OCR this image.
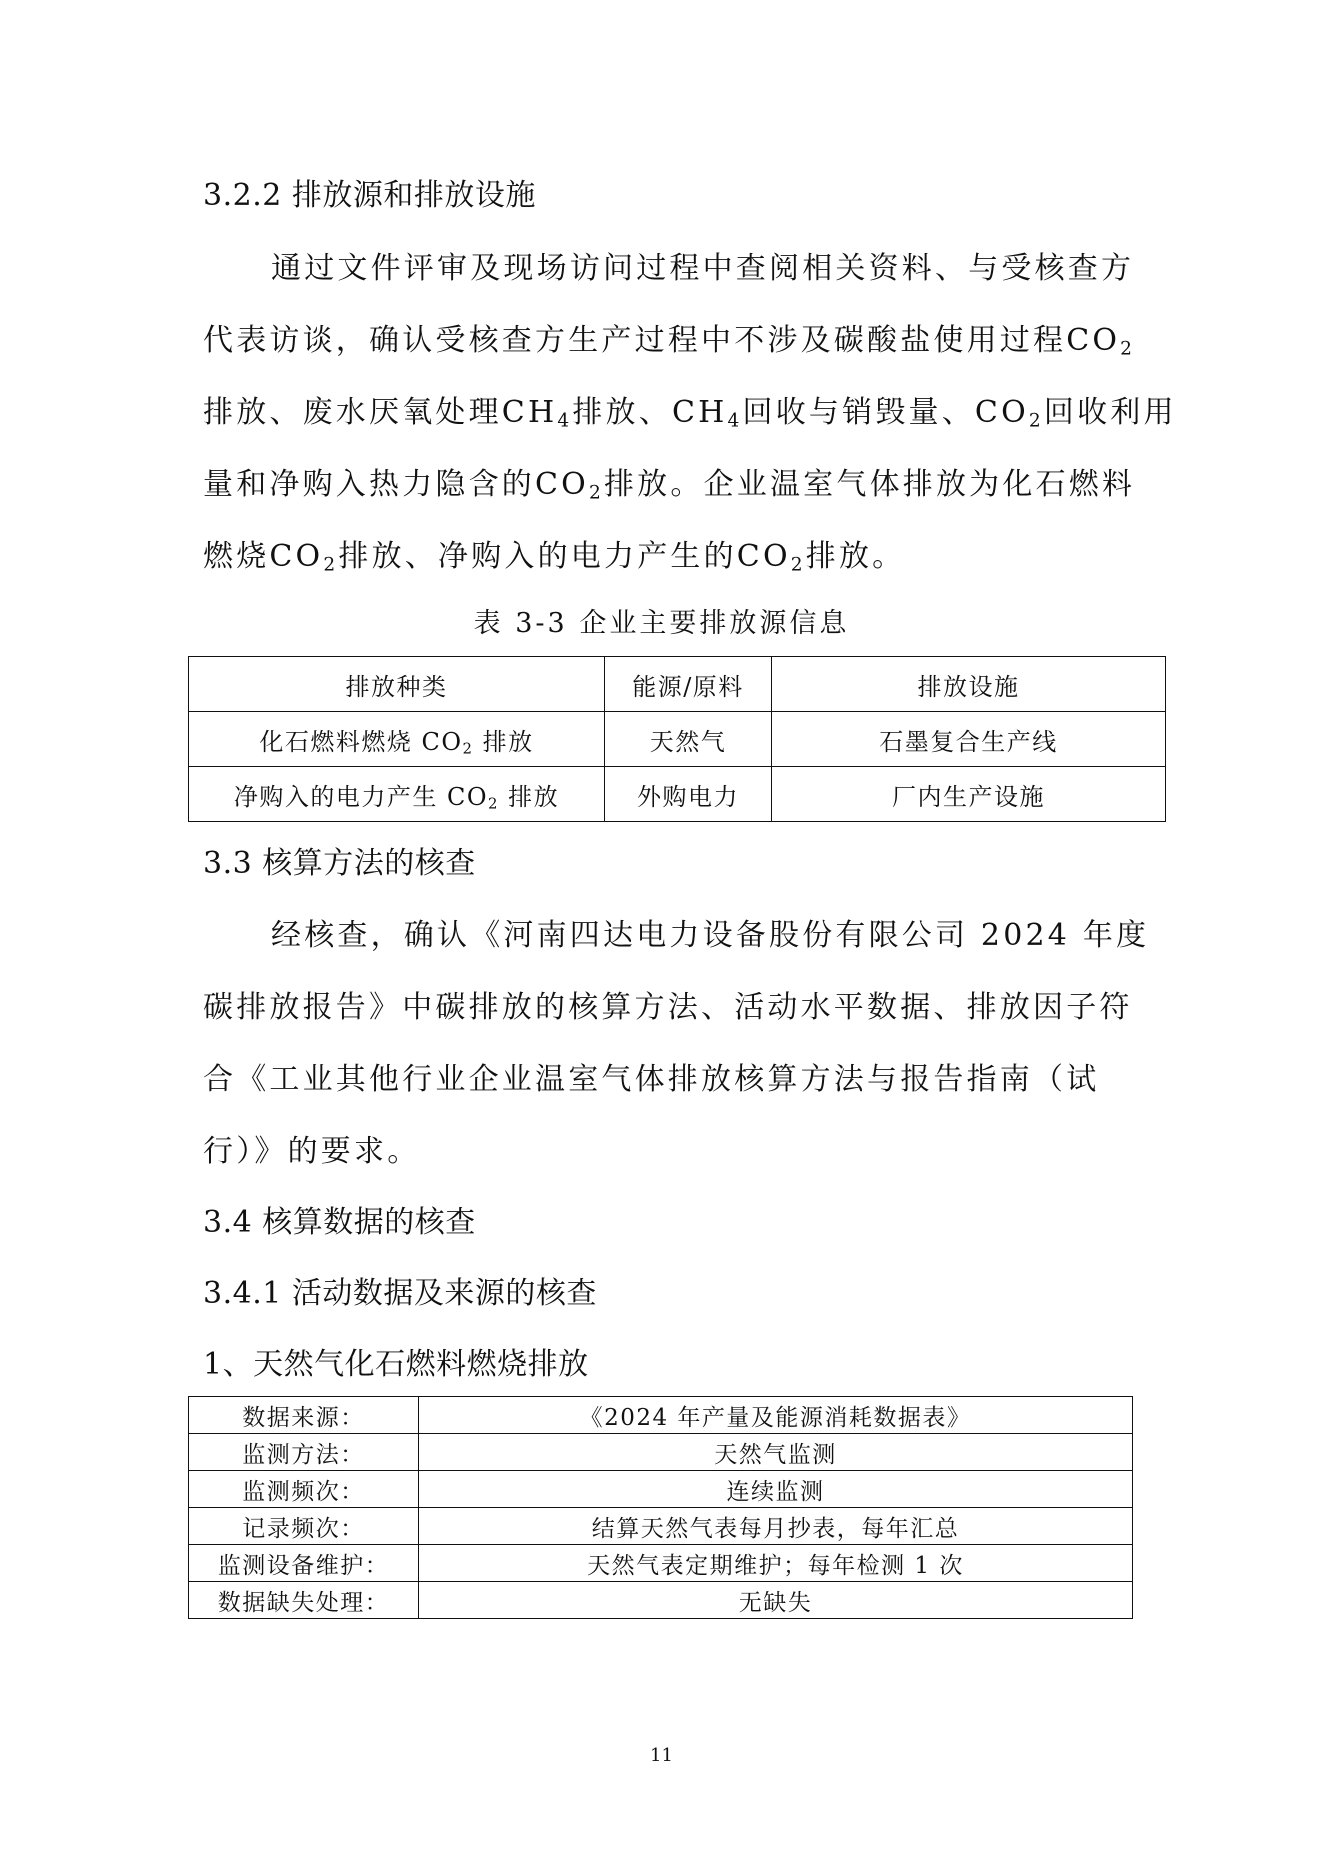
3.2.2 排放源和排放设施
通过文件评审及现场访问过程中查阅相关资料、与受核查方
代表访谈，确认受核查方生产过程中不涉及碳酸盐使用过程$CO_2$
排放、废水厌氧处理$CH_4$排放、$CH_4$回收与销毁量、$CO_2$回收利用
量和净购入热力隐含的$CO_2$排放。企业温室气体排放为化石燃料
燃烧$CO_2$排放、净购入的电力产生的$CO_2$排放。
表 3-3 企业主要排放源信息
排放种类	能源/原料	排放设施
化石燃料燃烧 $CO_2$ 排放	天然气	石墨复合生产线
净购入的电力产生 $CO_2$ 排放	外购电力	厂内生产设施
3.3 核算方法的核查
经核查，确认《河南四达电力设备股份有限公司 2024 年度
碳排放报告》中碳排放的核算方法、活动水平数据、排放因子符
合《工业其他行业企业温室气体排放核算方法与报告指南（试
行）》的要求。
3.4 核算数据的核查
3.4.1 活动数据及来源的核查
1、天然气化石燃料燃烧排放
数据来源：	《2024 年产量及能源消耗数据表》
监测方法：	天然气监测
监测频次：	连续监测
记录频次：	结算天然气表每月抄表，每年汇总
监测设备维护：	天然气表定期维护；每年检测 1 次
数据缺失处理：	无缺失
11
